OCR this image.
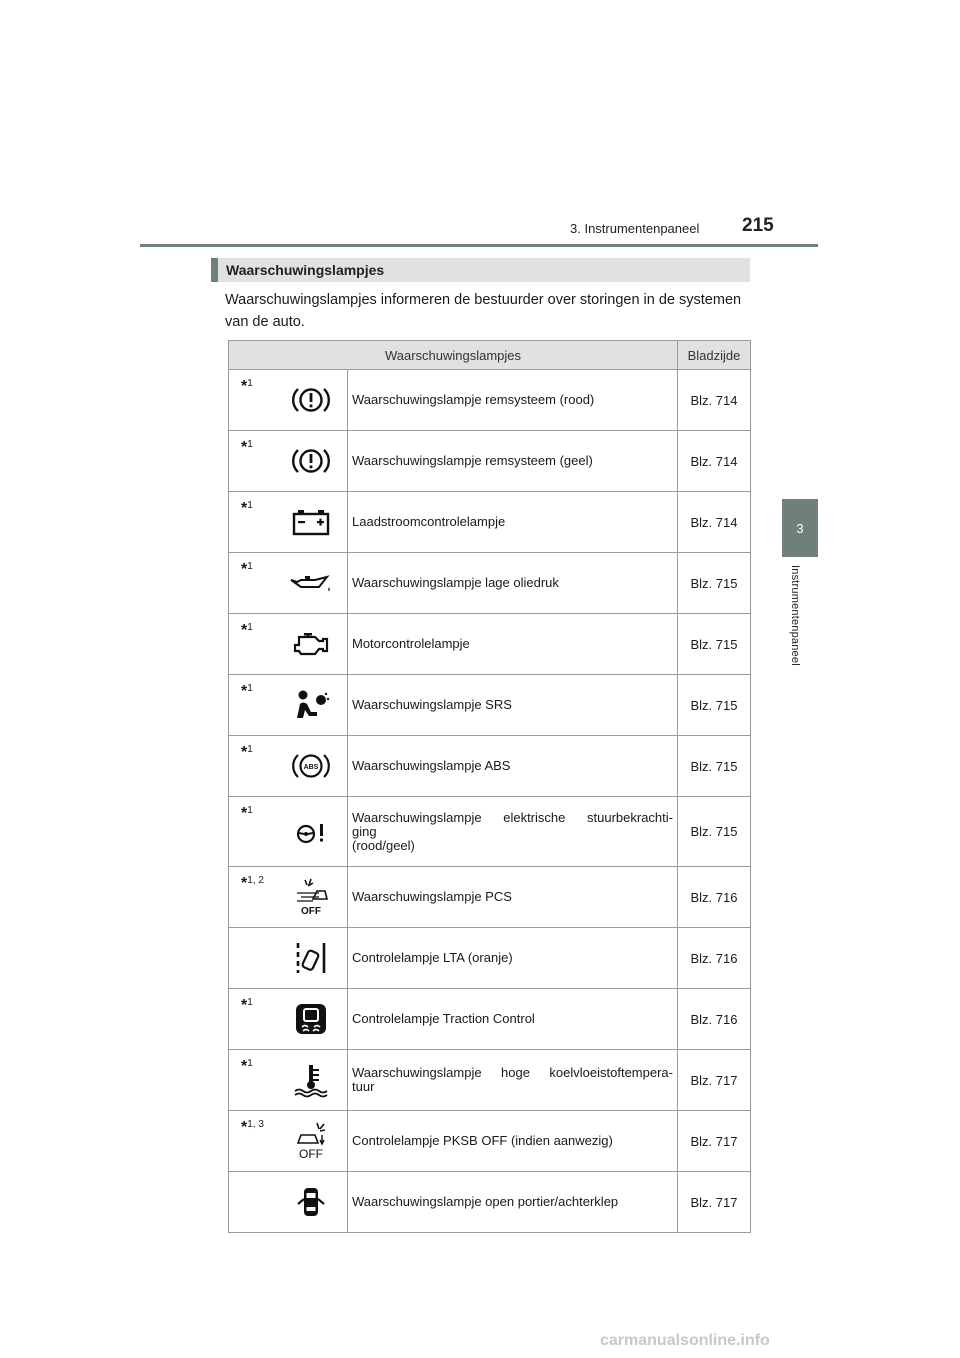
3. Instrumentenpaneel 215
3
Instrumentenpaneel
Waarschuwingslampjes
Waarschuwingslampjes informeren de bestuurder over storingen in de systemen van de auto.
Waarschuwingslampjes			Bladzijde
*$^1$		Waarschuwingslampje remsysteem (rood)	Blz. 714
*$^1$		Waarschuwingslampje remsysteem (geel)	Blz. 714
*$^1$		Laadstroomcontrolelampje	Blz. 714
*$^1$		Waarschuwingslampje lage oliedruk	Blz. 715
*$^1$		Motorcontrolelampje	Blz. 715
*$^1$		Waarschuwingslampje SRS	Blz. 715
*$^1$	ABS	Waarschuwingslampje ABS	Blz. 715
*$^1$		Waarschuwingslampje elektrische stuurbekrachti-
ging
(rood/geel)	Blz. 715
*$^{1, 2}$	OFF	Waarschuwingslampje PCS	Blz. 716

	Controlelampje LTA (oranje)	Blz. 716
*$^1$		Controlelampje Traction Control	Blz. 716
*$^1$		Waarschuwingslampje hoge koelvloeistoftempera-
tuur	Blz. 717
*$^{1, 3}$	OFF	Controlelampje PKSB OFF (indien aanwezig)	Blz. 717

	Waarschuwingslampje open portier/achterklep	Blz. 717
carmanualsonline.info
